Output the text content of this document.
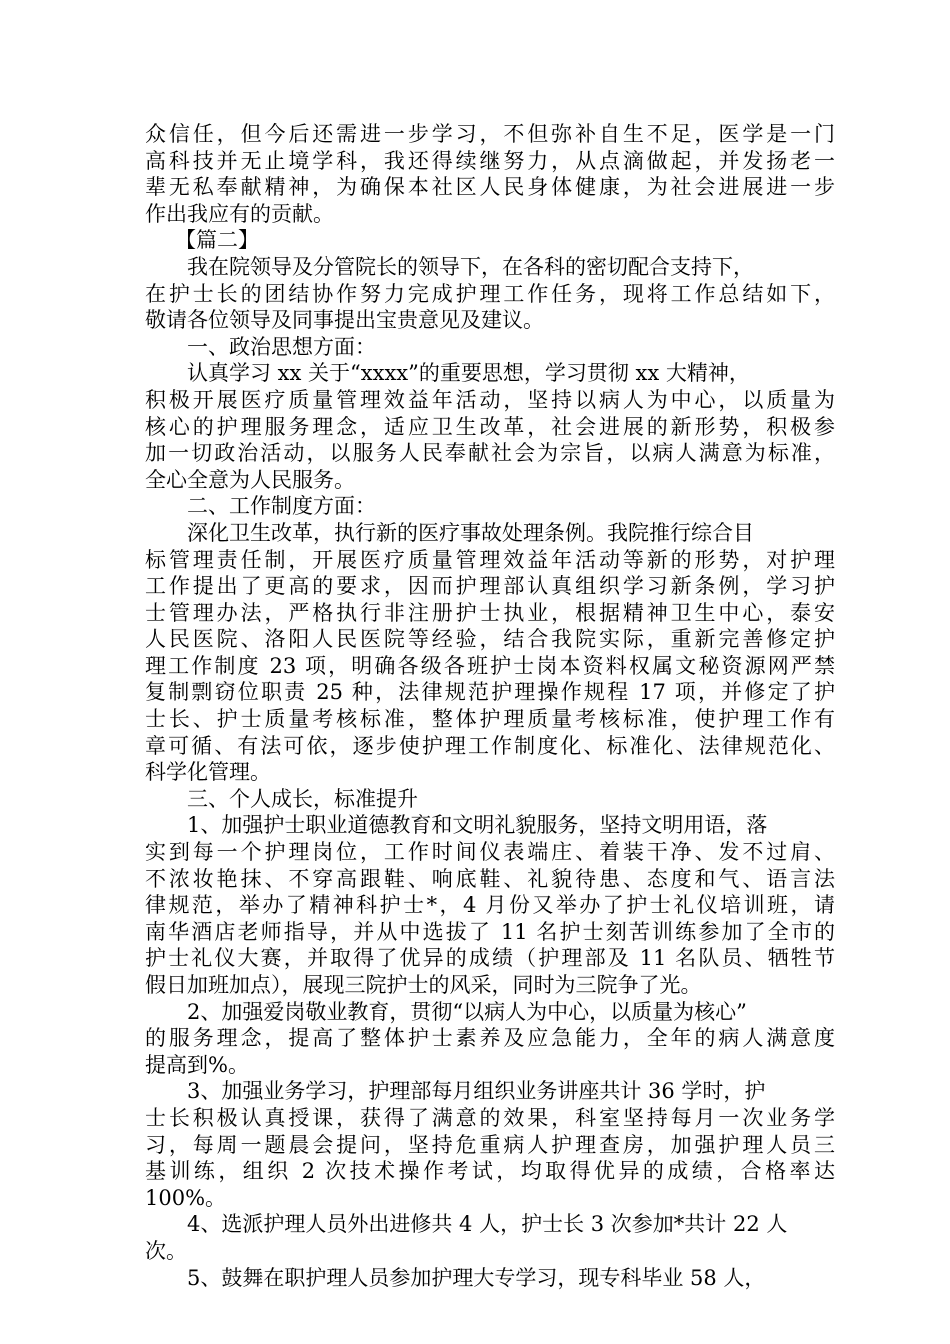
众信任，但今后还需进一步学习，不但弥补自生不足，医学是一门
高科技并无止境学科，我还得续继努力，从点滴做起，并发扬老一
辈无私奉献精神，为确保本社区人民身体健康，为社会进展进一步
作出我应有的贡献。
【篇二】
我在院领导及分管院长的领导下，在各科的密切配合支持下，
在护士长的团结协作努力完成护理工作任务，现将工作总结如下，
敬请各位领导及同事提出宝贵意见及建议。
一、政治思想方面：
认真学习 xx 关于“xxxx”的重要思想，学习贯彻 xx 大精神，
积极开展医疗质量管理效益年活动，坚持以病人为中心，以质量为
核心的护理服务理念，适应卫生改革，社会进展的新形势，积极参
加一切政治活动，以服务人民奉献社会为宗旨，以病人满意为标准，
全心全意为人民服务。
二、工作制度方面：
深化卫生改革，执行新的医疗事故处理条例。我院推行综合目
标管理责任制，开展医疗质量管理效益年活动等新的形势，对护理
工作提出了更高的要求，因而护理部认真组织学习新条例，学习护
士管理办法，严格执行非注册护士执业，根据精神卫生中心，泰安
人民医院、洛阳人民医院等经验，结合我院实际，重新完善修定护
理工作制度 23 项，明确各级各班护士岗本资料权属文秘资源网严禁
复制剽窃位职责 25 种，法律规范护理操作规程 17 项，并修定了护
士长、护士质量考核标准，整体护理质量考核标准，使护理工作有
章可循、有法可依，逐步使护理工作制度化、标准化、法律规范化、
科学化管理。
三、个人成长，标准提升
1、加强护士职业道德教育和文明礼貌服务，坚持文明用语，落
实到每一个护理岗位，工作时间仪表端庄、着装干净、发不过肩、
不浓妆艳抹、不穿高跟鞋、响底鞋、礼貌待患、态度和气、语言法
律规范，举办了精神科护士*，4 月份又举办了护士礼仪培训班，请
南华酒店老师指导，并从中选拔了 11 名护士刻苦训练参加了全市的
护士礼仪大赛，并取得了优异的成绩（护理部及 11 名队员、牺牲节
假日加班加点），展现三院护士的风采，同时为三院争了光。
2、加强爱岗敬业教育，贯彻“以病人为中心，以质量为核心”
的服务理念，提高了整体护士素养及应急能力，全年的病人满意度
提高到%。
3、加强业务学习，护理部每月组织业务讲座共计 36 学时，护
士长积极认真授课，获得了满意的效果，科室坚持每月一次业务学
习，每周一题晨会提问，坚持危重病人护理查房，加强护理人员三
基训练，组织 2 次技术操作考试，均取得优异的成绩，合格率达
100%。
4、选派护理人员外出进修共 4 人，护士长 3 次参加*共计 22 人
次。
5、鼓舞在职护理人员参加护理大专学习，现专科毕业 58 人，
